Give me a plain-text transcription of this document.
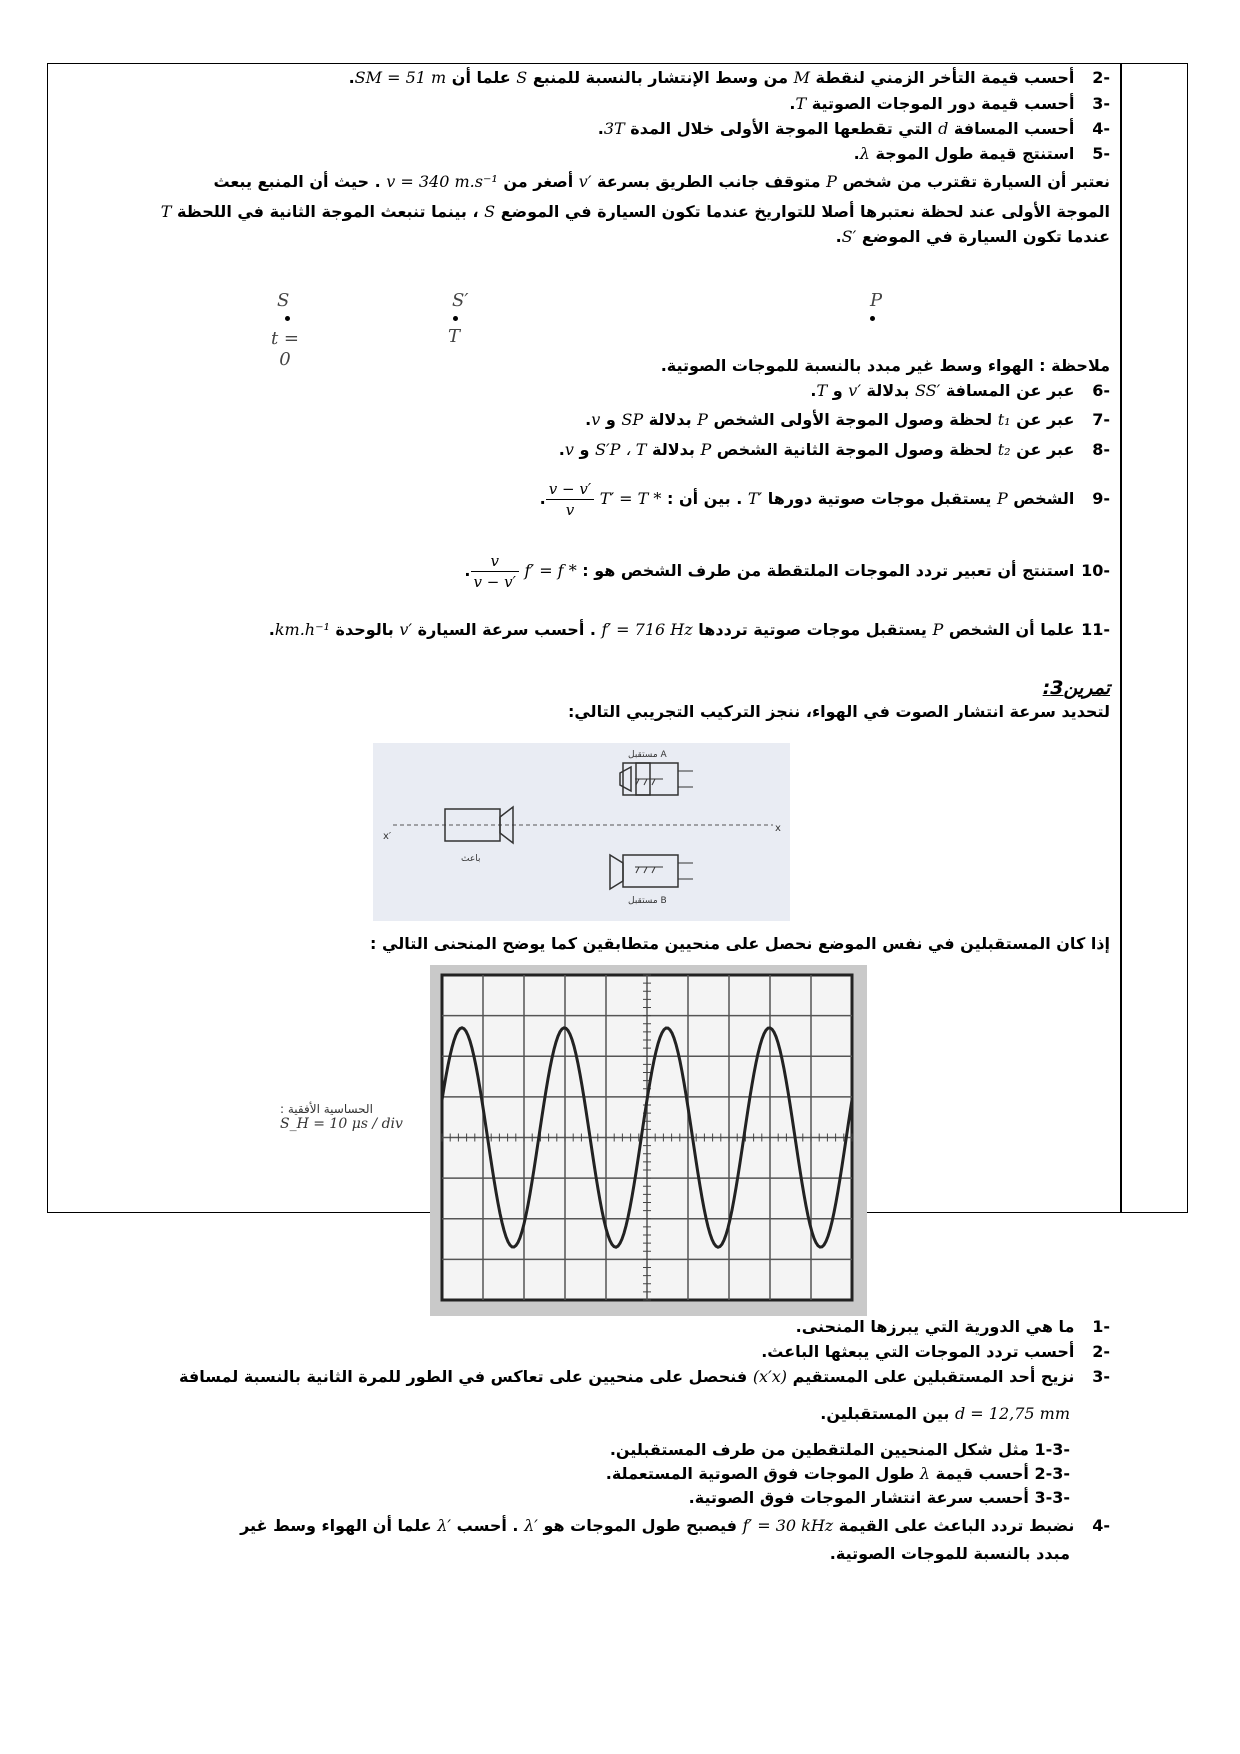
-2 أحسب قيمة التأخر الزمني لنقطة M من وسط الإنتشار بالنسبة للمنبع S علما أن SM = 51 m.
-3 أحسب قيمة دور الموجات الصوتية T.
-4 أحسب المسافة d التي تقطعها الموجة الأولى خلال المدة 3T.
-5 استنتج قيمة طول الموجة λ.
نعتبر أن السيارة تقترب من شخص P متوقف جانب الطريق بسرعة v′ أصغر من v = 340 m.s⁻¹ . حيث أن المنبع يبعث
الموجة الأولى عند لحظة نعتبرها أصلا للتواريخ عندما تكون السيارة في الموضع S ، بينما تنبعث الموجة الثانية في اللحظة T
عندما تكون السيارة في الموضع S′.
S
t = 0
S′
T
P
ملاحظة : الهواء وسط غير مبدد بالنسبة للموجات الصوتية.
-6 عبر عن المسافة SS′ بدلالة v′ و T.
-7 عبر عن t₁ لحظة وصول الموجة الأولى الشخص P بدلالة SP و v.
-8 عبر عن t₂ لحظة وصول الموجة الثانية الشخص P بدلالة S′P ، T و v.
-9 الشخص P يستقبل موجات صوتية دورها T′ . بين أن : T′ = T *
$\frac{v - v'}{v}$
.
-10 استنتج أن تعبير تردد الموجات الملتقطة من طرف الشخص هو : f′ = f *
$\frac{v}{v - v'}$
.
-11 علما أن الشخص P يستقبل موجات صوتية ترددها f′ = 716 Hz . أحسب سرعة السيارة v′ بالوحدة km.h⁻¹.
تمرين3:
لتحديد سرعة انتشار الصوت في الهواء، ننجز التركيب التجريبي التالي:
مستقبل A
مستقبل B
باعث
x′
x
إذا كان المستقبلين في نفس الموضع نحصل على منحيين متطابقين كما يوضح المنحنى التالي :
الحساسية الأفقية :
S_H = 10 μs / div
-1 ما هي الدورية التي يبرزها المنحنى.
-2 أحسب تردد الموجات التي يبعثها الباعث.
-3 نزيح أحد المستقبلين على المستقيم (x′x) فنحصل على منحيين على تعاكس في الطور للمرة الثانية بالنسبة لمسافة
d = 12,75 mm بين المستقبلين.
-1-3 مثل شكل المنحيين الملتقطين من طرف المستقبلين.
-2-3 أحسب قيمة λ طول الموجات فوق الصوتية المستعملة.
-3-3 أحسب سرعة انتشار الموجات فوق الصوتية.
-4 نضبط تردد الباعث على القيمة f′ = 30 kHz فيصبح طول الموجات هو λ′ . أحسب λ′ علما أن الهواء وسط غير
مبدد بالنسبة للموجات الصوتية.
